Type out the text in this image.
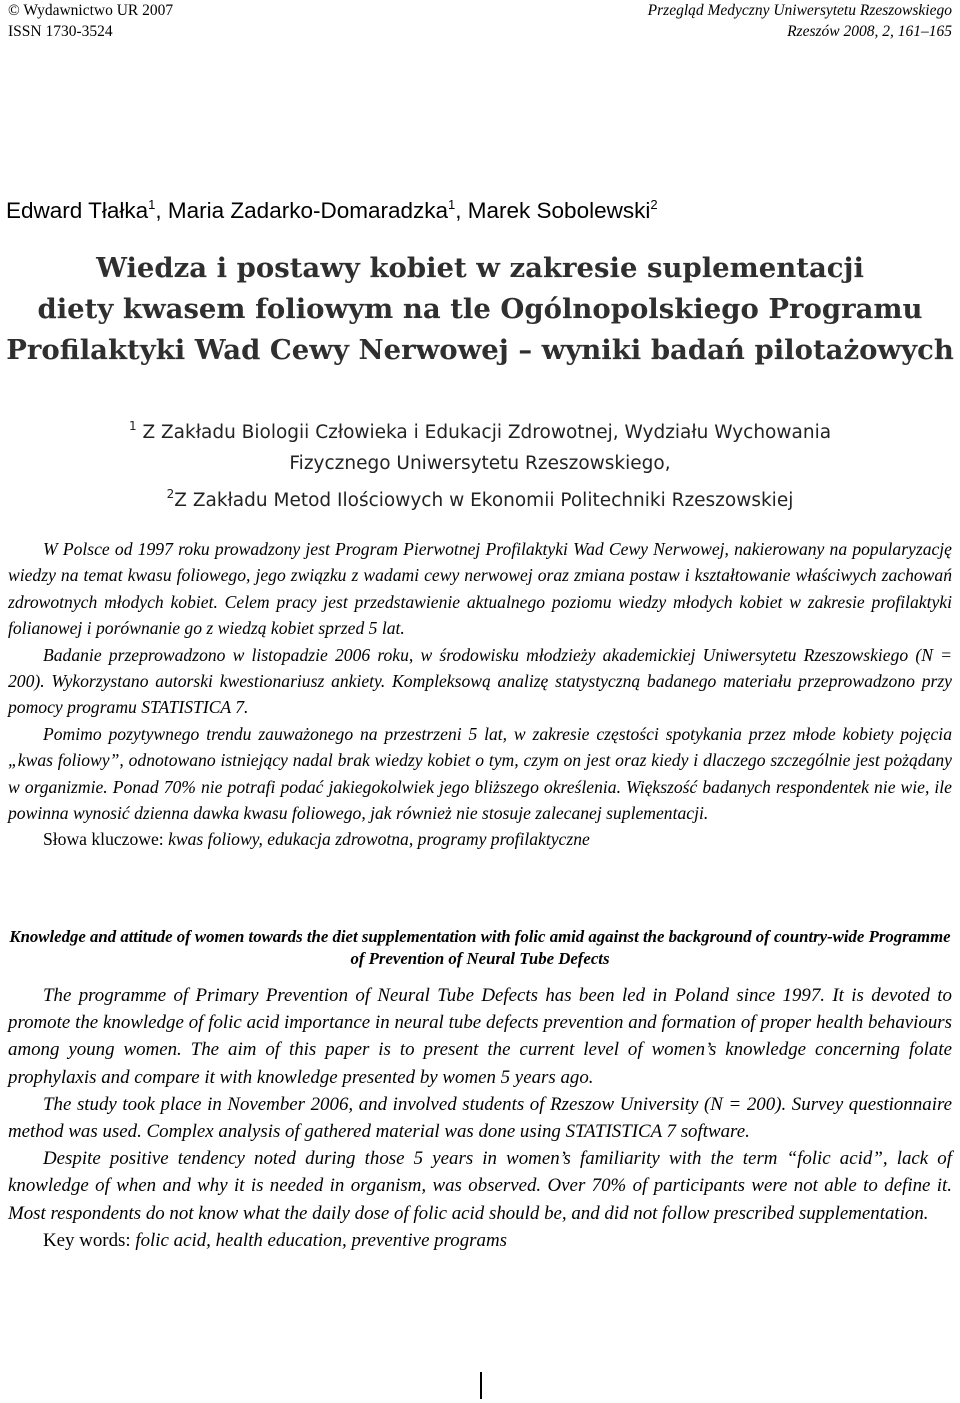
© Wydawnictwo UR 2007	Przegląd Medyczny Uniwersytetu Rzeszowskiego
ISSN 1730-3524	Rzeszów 2008, 2, 161–165
Edward Tłałka$^1$, Maria Zadarko-Domaradzka$^1$, Marek Sobolewski$^2$
Wiedza i postawy kobiet w zakresie suplementacji
diety kwasem foliowym na tle Ogólnopolskiego Programu
Profilaktyki Wad Cewy Nerwowej – wyniki badań pilotażowych
$^1$ Z Zakładu Biologii Człowieka i Edukacji Zdrowotnej, Wydziału Wychowania
Fizycznego Uniwersytetu Rzeszowskiego,
$^2$Z Zakładu Metod Ilościowych w Ekonomii Politechniki Rzeszowskiej

W Polsce od 1997 roku prowadzony jest Program Pierwotnej Profilaktyki Wad Cewy Nerwowej, nakierowany na popularyzację wiedzy na temat kwasu foliowego, jego związku z wadami cewy nerwowej oraz zmiana postaw i kształtowanie właściwych zachowań zdrowotnych młodych kobiet. Celem pracy jest przedstawienie aktualnego poziomu wiedzy młodych kobiet w zakresie profilaktyki folianowej i porównanie go z wiedzą kobiet sprzed 5 lat.

Badanie przeprowadzono w listopadzie 2006 roku, w środowisku młodzieży akademickiej Uniwersytetu Rzeszowskiego (N = 200). Wykorzystano autorski kwestionariusz ankiety. Kompleksową analizę statystyczną badanego materiału przeprowadzono przy pomocy programu STATISTICA 7.

Pomimo pozytywnego trendu zauważonego na przestrzeni 5 lat, w zakresie częstości spotykania przez młode kobiety pojęcia „kwas foliowy”, odnotowano istniejący nadal brak wiedzy kobiet o tym, czym on jest oraz kiedy i dlaczego szczególnie jest pożądany w organizmie. Ponad 70% nie potrafi podać jakiegokolwiek jego bliższego określenia. Większość badanych respondentek nie wie, ile powinna wynosić dzienna dawka kwasu foliowego, jak również nie stosuje zalecanej suplementacji.

Słowa kluczowe: kwas foliowy, edukacja zdrowotna, programy profilaktyczne

Knowledge and attitude of women towards the diet supplementation with folic amid against the background of country-wide Programme of Prevention of Neural Tube Defects

The programme of Primary Prevention of Neural Tube Defects has been led in Poland since 1997. It is devoted to promote the knowledge of folic acid importance in neural tube defects prevention and formation of proper health behaviours among young women. The aim of this paper is to present the current level of women’s knowledge concerning folate prophylaxis and compare it with knowledge presented by women 5 years ago.

The study took place in November 2006, and involved students of Rzeszow University (N = 200). Survey questionnaire method was used. Complex analysis of gathered material was done using STATISTICA 7 software.

Despite positive tendency noted during those 5 years in women’s familiarity with the term “folic acid”, lack of knowledge of when and why it is needed in organism, was observed. Over 70% of participants were not able to define it. Most respondents do not know what the daily dose of folic acid should be, and did not follow prescribed supplementation.

Key words: folic acid, health education, preventive programs
